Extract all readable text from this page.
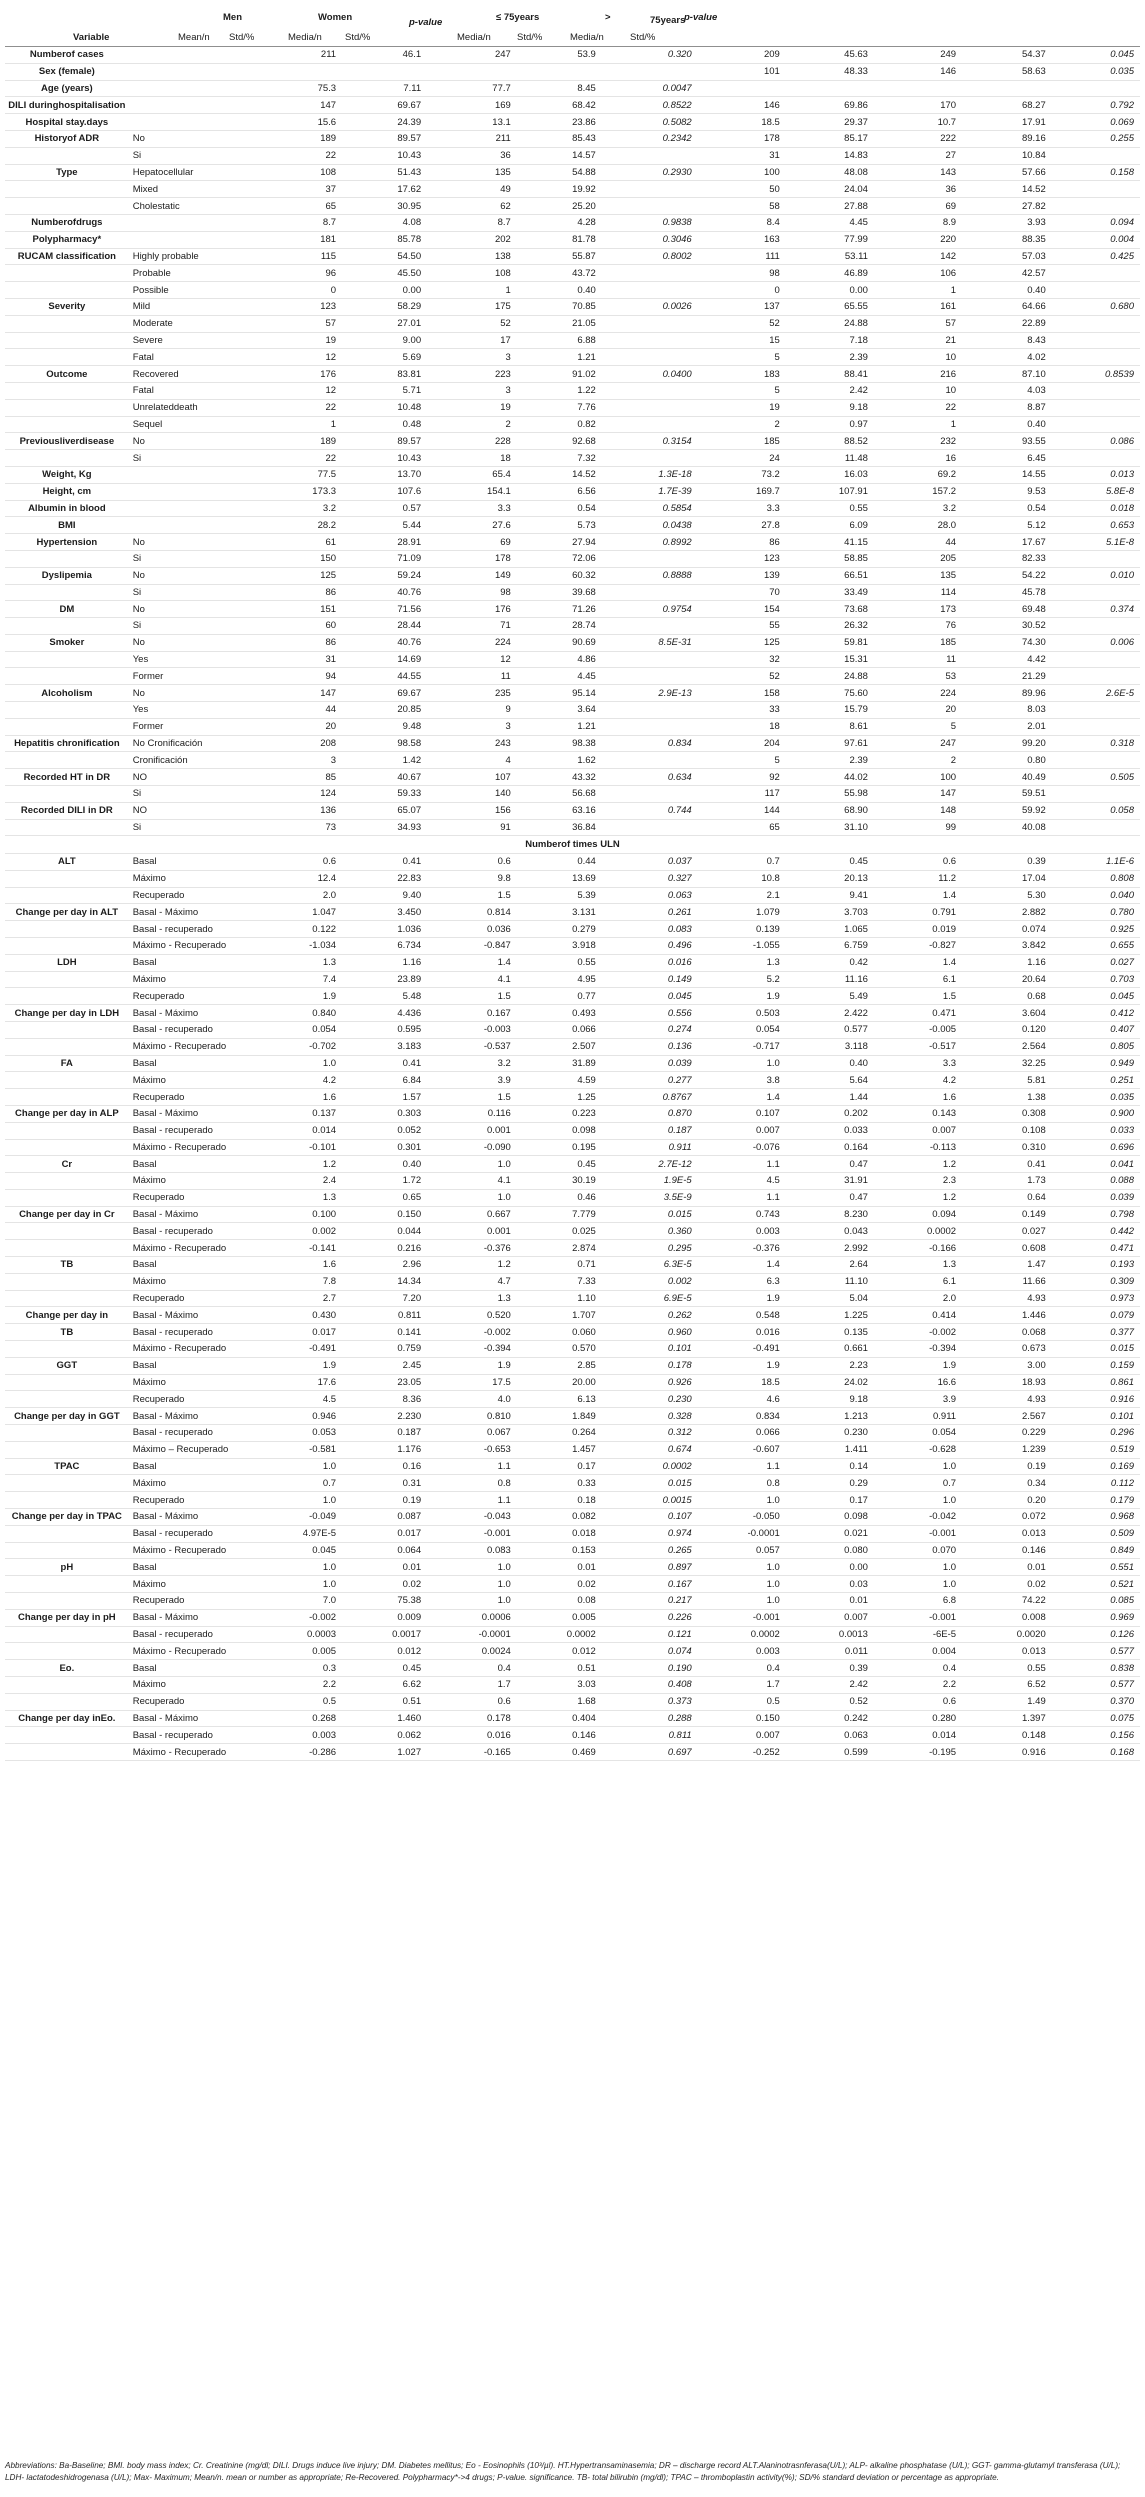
Men	Women	p-value	≤ 75years	˃	75years
p-value
Variable	Mean/n Std/%	Media/n Std/%	Media/n	Std/%	Media/n	Std/%
Numberof cases		211	46.1	247	53.9	0.320	209	45.63	249	54.37	0.045
Sex (female)							101	48.33	146	58.63	0.035
Age (years)		75.3	7.11	77.7	8.45	0.0047					
DILI duringhospitalisation		147	69.67	169	68.42	0.8522	146	69.86	170	68.27	0.792
Hospital stay.days		15.6	24.39	13.1	23.86	0.5082	18.5	29.37	10.7	17.91	0.069
Historyof ADR	No	189	89.57	211	85.43	0.2342	178	85.17	222	89.16	0.255
	Si	22	10.43	36	14.57		31	14.83	27	10.84	
Type	Hepatocellular	108	51.43	135	54.88	0.2930	100	48.08	143	57.66	0.158
	Mixed	37	17.62	49	19.92		50	24.04	36	14.52	
	Cholestatic	65	30.95	62	25.20		58	27.88	69	27.82	
Numberofdrugs		8.7	4.08	8.7	4.28	0.9838	8.4	4.45	8.9	3.93	0.094
Polypharmacy*		181	85.78	202	81.78	0.3046	163	77.99	220	88.35	0.004
RUCAM classification	Highly probable	115	54.50	138	55.87	0.8002	111	53.11	142	57.03	0.425
	Probable	96	45.50	108	43.72		98	46.89	106	42.57	
	Possible	0	0.00	1	0.40		0	0.00	1	0.40	
Severity	Mild	123	58.29	175	70.85	0.0026	137	65.55	161	64.66	0.680
	Moderate	57	27.01	52	21.05		52	24.88	57	22.89	
	Severe	19	9.00	17	6.88		15	7.18	21	8.43	
	Fatal	12	5.69	3	1.21		5	2.39	10	4.02	
Outcome	Recovered	176	83.81	223	91.02	0.0400	183	88.41	216	87.10	0.8539
	Fatal	12	5.71	3	1.22		5	2.42	10	4.03	
	Unrelateddeath	22	10.48	19	7.76		19	9.18	22	8.87	
	Sequel	1	0.48	2	0.82		2	0.97	1	0.40	
Previousliverdisease	No	189	89.57	228	92.68	0.3154	185	88.52	232	93.55	0.086
	Si	22	10.43	18	7.32		24	11.48	16	6.45	
Weight, Kg		77.5	13.70	65.4	14.52	1.3E-18	73.2	16.03	69.2	14.55	0.013
Height, cm		173.3	107.6	154.1	6.56	1.7E-39	169.7	107.91	157.2	9.53	5.8E-8
Albumin in blood		3.2	0.57	3.3	0.54	0.5854	3.3	0.55	3.2	0.54	0.018
BMI		28.2	5.44	27.6	5.73	0.0438	27.8	6.09	28.0	5.12	0.653
Hypertension	No	61	28.91	69	27.94	0.8992	86	41.15	44	17.67	5.1E-8
	Si	150	71.09	178	72.06		123	58.85	205	82.33	
Dyslipemia	No	125	59.24	149	60.32	0.8888	139	66.51	135	54.22	0.010
	Si	86	40.76	98	39.68		70	33.49	114	45.78	
DM	No	151	71.56	176	71.26	0.9754	154	73.68	173	69.48	0.374
	Si	60	28.44	71	28.74		55	26.32	76	30.52	
Smoker	No	86	40.76	224	90.69	8.5E-31	125	59.81	185	74.30	0.006
	Yes	31	14.69	12	4.86		32	15.31	11	4.42	
	Former	94	44.55	11	4.45		52	24.88	53	21.29	
Alcoholism	No	147	69.67	235	95.14	2.9E-13	158	75.60	224	89.96	2.6E-5
	Yes	44	20.85	9	3.64		33	15.79	20	8.03	
	Former	20	9.48	3	1.21		18	8.61	5	2.01	
Hepatitis chronification	No Cronificación	208	98.58	243	98.38	0.834	204	97.61	247	99.20	0.318
	Cronificación	3	1.42	4	1.62		5	2.39	2	0.80	
Recorded HT in DR	NO	85	40.67	107	43.32	0.634	92	44.02	100	40.49	0.505
	Si	124	59.33	140	56.68		117	55.98	147	59.51	
Recorded DILI in DR	NO	136	65.07	156	63.16	0.744	144	68.90	148	59.92	0.058
	Si	73	34.93	91	36.84		65	31.10	99	40.08	
Numberof times ULN											
ALT	Basal	0.6	0.41	0.6	0.44	0.037	0.7	0.45	0.6	0.39	1.1E-6
	Máximo	12.4	22.83	9.8	13.69	0.327	10.8	20.13	11.2	17.04	0.808
	Recuperado	2.0	9.40	1.5	5.39	0.063	2.1	9.41	1.4	5.30	0.040
Change per day in ALT	Basal - Máximo	1.047	3.450	0.814	3.131	0.261	1.079	3.703	0.791	2.882	0.780
	Basal - recuperado	0.122	1.036	0.036	0.279	0.083	0.139	1.065	0.019	0.074	0.925
	Máximo - Recuperado	-1.034	6.734	-0.847	3.918	0.496	-1.055	6.759	-0.827	3.842	0.655
LDH	Basal	1.3	1.16	1.4	0.55	0.016	1.3	0.42	1.4	1.16	0.027
	Máximo	7.4	23.89	4.1	4.95	0.149	5.2	11.16	6.1	20.64	0.703
	Recuperado	1.9	5.48	1.5	0.77	0.045	1.9	5.49	1.5	0.68	0.045
Change per day in LDH	Basal - Máximo	0.840	4.436	0.167	0.493	0.556	0.503	2.422	0.471	3.604	0.412
	Basal - recuperado	0.054	0.595	-0.003	0.066	0.274	0.054	0.577	-0.005	0.120	0.407
	Máximo - Recuperado	-0.702	3.183	-0.537	2.507	0.136	-0.717	3.118	-0.517	2.564	0.805
FA	Basal	1.0	0.41	3.2	31.89	0.039	1.0	0.40	3.3	32.25	0.949
	Máximo	4.2	6.84	3.9	4.59	0.277	3.8	5.64	4.2	5.81	0.251
	Recuperado	1.6	1.57	1.5	1.25	0.8767	1.4	1.44	1.6	1.38	0.035
Change per day in ALP	Basal - Máximo	0.137	0.303	0.116	0.223	0.870	0.107	0.202	0.143	0.308	0.900
	Basal - recuperado	0.014	0.052	0.001	0.098	0.187	0.007	0.033	0.007	0.108	0.033
	Máximo - Recuperado	-0.101	0.301	-0.090	0.195	0.911	-0.076	0.164	-0.113	0.310	0.696
Cr	Basal	1.2	0.40	1.0	0.45	2.7E-12	1.1	0.47	1.2	0.41	0.041
	Máximo	2.4	1.72	4.1	30.19	1.9E-5	4.5	31.91	2.3	1.73	0.088
	Recuperado	1.3	0.65	1.0	0.46	3.5E-9	1.1	0.47	1.2	0.64	0.039
Change per day in Cr	Basal - Máximo	0.100	0.150	0.667	7.779	0.015	0.743	8.230	0.094	0.149	0.798
	Basal - recuperado	0.002	0.044	0.001	0.025	0.360	0.003	0.043	0.0002	0.027	0.442
	Máximo - Recuperado	-0.141	0.216	-0.376	2.874	0.295	-0.376	2.992	-0.166	0.608	0.471
TB	Basal	1.6	2.96	1.2	0.71	6.3E-5	1.4	2.64	1.3	1.47	0.193
	Máximo	7.8	14.34	4.7	7.33	0.002	6.3	11.10	6.1	11.66	0.309
	Recuperado	2.7	7.20	1.3	1.10	6.9E-5	1.9	5.04	2.0	4.93	0.973
Change per day in	Basal - Máximo	0.430	0.811	0.520	1.707	0.262	0.548	1.225	0.414	1.446	0.079
TB	Basal - recuperado	0.017	0.141	-0.002	0.060	0.960	0.016	0.135	-0.002	0.068	0.377
	Máximo - Recuperado	-0.491	0.759	-0.394	0.570	0.101	-0.491	0.661	-0.394	0.673	0.015
GGT	Basal	1.9	2.45	1.9	2.85	0.178	1.9	2.23	1.9	3.00	0.159
	Máximo	17.6	23.05	17.5	20.00	0.926	18.5	24.02	16.6	18.93	0.861
	Recuperado	4.5	8.36	4.0	6.13	0.230	4.6	9.18	3.9	4.93	0.916
Change per day in GGT	Basal - Máximo	0.946	2.230	0.810	1.849	0.328	0.834	1.213	0.911	2.567	0.101
	Basal - recuperado	0.053	0.187	0.067	0.264	0.312	0.066	0.230	0.054	0.229	0.296
	Máximo – Recuperado	-0.581	1.176	-0.653	1.457	0.674	-0.607	1.411	-0.628	1.239	0.519
TPAC	Basal	1.0	0.16	1.1	0.17	0.0002	1.1	0.14	1.0	0.19	0.169
	Máximo	0.7	0.31	0.8	0.33	0.015	0.8	0.29	0.7	0.34	0.112
	Recuperado	1.0	0.19	1.1	0.18	0.0015	1.0	0.17	1.0	0.20	0.179
Change per day in TPAC	Basal - Máximo	-0.049	0.087	-0.043	0.082	0.107	-0.050	0.098	-0.042	0.072	0.968
	Basal - recuperado	4.97E-5	0.017	-0.001	0.018	0.974	-0.0001	0.021	-0.001	0.013	0.509
	Máximo - Recuperado	0.045	0.064	0.083	0.153	0.265	0.057	0.080	0.070	0.146	0.849
pH	Basal	1.0	0.01	1.0	0.01	0.897	1.0	0.00	1.0	0.01	0.551
	Máximo	1.0	0.02	1.0	0.02	0.167	1.0	0.03	1.0	0.02	0.521
	Recuperado	7.0	75.38	1.0	0.08	0.217	1.0	0.01	6.8	74.22	0.085
Change per day in pH	Basal - Máximo	-0.002	0.009	0.0006	0.005	0.226	-0.001	0.007	-0.001	0.008	0.969
	Basal - recuperado	0.0003	0.0017	-0.0001	0.0002	0.121	0.0002	0.0013	-6E-5	0.0020	0.126
	Máximo - Recuperado	0.005	0.012	0.0024	0.012	0.074	0.003	0.011	0.004	0.013	0.577
Eo.	Basal	0.3	0.45	0.4	0.51	0.190	0.4	0.39	0.4	0.55	0.838
	Máximo	2.2	6.62	1.7	3.03	0.408	1.7	2.42	2.2	6.52	0.577
	Recuperado	0.5	0.51	0.6	1.68	0.373	0.5	0.52	0.6	1.49	0.370
Change per day inEo.	Basal - Máximo	0.268	1.460	0.178	0.404	0.288	0.150	0.242	0.280	1.397	0.075
	Basal - recuperado	0.003	0.062	0.016	0.146	0.811	0.007	0.063	0.014	0.148	0.156
	Máximo - Recuperado	-0.286	1.027	-0.165	0.469	0.697	-0.252	0.599	-0.195	0.916	0.168
Abbreviations: Ba-Baseline; BMI. body mass index; Cr. Creatinine (mg/dl; DILI. Drugs induce live injury; DM. Diabetes mellitus; Eo - Eosinophils (10³/µl). HT.Hypertransaminasemia; DR – discharge record ALT.Alaninotrasnferasa(U/L); ALP- alkaline phosphatase (U/L); GGT- gamma-glutamyl transferasa (U/L); LDH- lactatodeshidrogenasa (U/L); Max- Maximum; Mean/n. mean or number as appropriate; Re-Recovered. Polypharmacy*->4 drugs; P-value. significance. TB- total bilirubin (mg/dl); TPAC – thromboplastin activity(%); SD/% standard deviation or percentage as appropriate.
